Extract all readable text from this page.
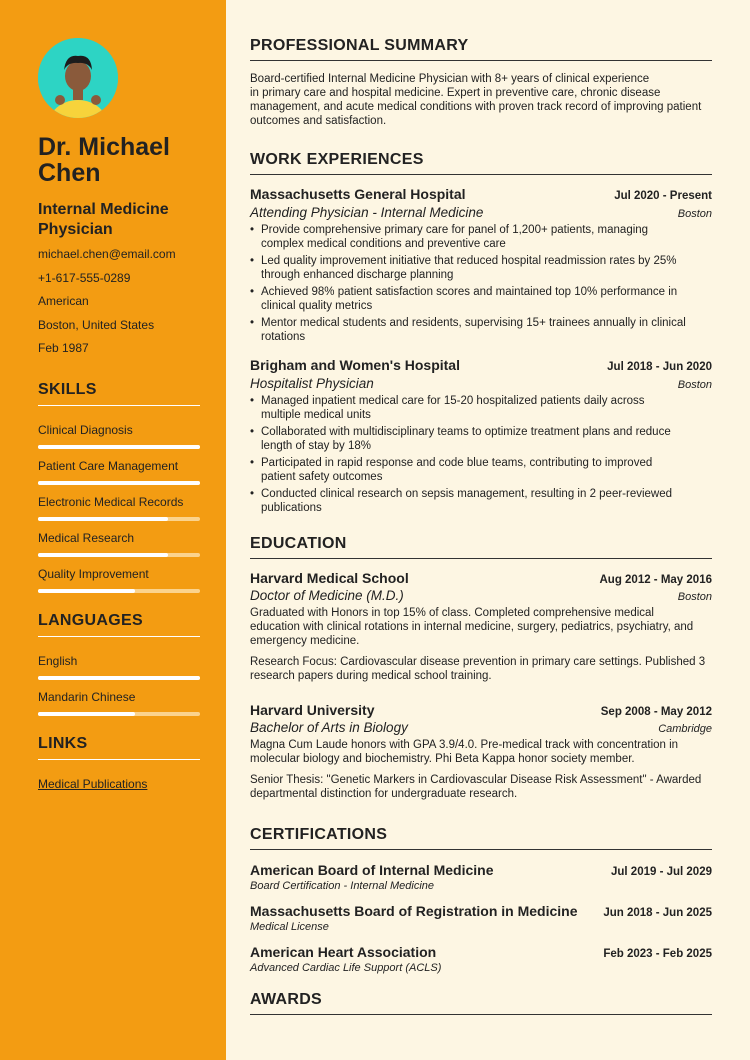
Dr. Michael Chen
Internal Medicine Physician
michael.chen@email.com
+1-617-555-0289
American
Boston, United States
Feb 1987
SKILLS
Clinical Diagnosis
Patient Care Management
Electronic Medical Records
Medical Research
Quality Improvement
LANGUAGES
English
Mandarin Chinese
LINKS
Medical Publications
PROFESSIONAL SUMMARY
Board-certified Internal Medicine Physician with 8+ years of clinical experience
in primary care and hospital medicine. Expert in preventive care, chronic disease
management, and acute medical conditions with proven track record of improving patient
outcomes and satisfaction.
WORK EXPERIENCES
Massachusetts General Hospital	Jul 2020 - Present
Attending Physician - Internal Medicine	Boston
• Provide comprehensive primary care for panel of 1,200+ patients, managing
complex medical conditions and preventive care
• Led quality improvement initiative that reduced hospital readmission rates by 25%
through enhanced discharge planning
• Achieved 98% patient satisfaction scores and maintained top 10% performance in
clinical quality metrics
• Mentor medical students and residents, supervising 15+ trainees annually in clinical
rotations
Brigham and Women's Hospital	Jul 2018 - Jun 2020
Hospitalist Physician	Boston
• Managed inpatient medical care for 15-20 hospitalized patients daily across
multiple medical units
• Collaborated with multidisciplinary teams to optimize treatment plans and reduce
length of stay by 18%
• Participated in rapid response and code blue teams, contributing to improved
patient safety outcomes
• Conducted clinical research on sepsis management, resulting in 2 peer-reviewed
publications
EDUCATION
Harvard Medical School	Aug 2012 - May 2016
Doctor of Medicine (M.D.)	Boston
Graduated with Honors in top 15% of class. Completed comprehensive medical
education with clinical rotations in internal medicine, surgery, pediatrics, psychiatry, and
emergency medicine.
Research Focus: Cardiovascular disease prevention in primary care settings. Published 3
research papers during medical school training.
Harvard University	Sep 2008 - May 2012
Bachelor of Arts in Biology	Cambridge
Magna Cum Laude honors with GPA 3.9/4.0. Pre-medical track with concentration in
molecular biology and biochemistry. Phi Beta Kappa honor society member.
Senior Thesis: "Genetic Markers in Cardiovascular Disease Risk Assessment" - Awarded
departmental distinction for undergraduate research.
CERTIFICATIONS
American Board of Internal Medicine	Jul 2019 - Jul 2029
Board Certification - Internal Medicine
Massachusetts Board of Registration in Medicine Jun 2018 - Jun 2025
Medical License
American Heart Association	Feb 2023 - Feb 2025
Advanced Cardiac Life Support (ACLS)
AWARDS
